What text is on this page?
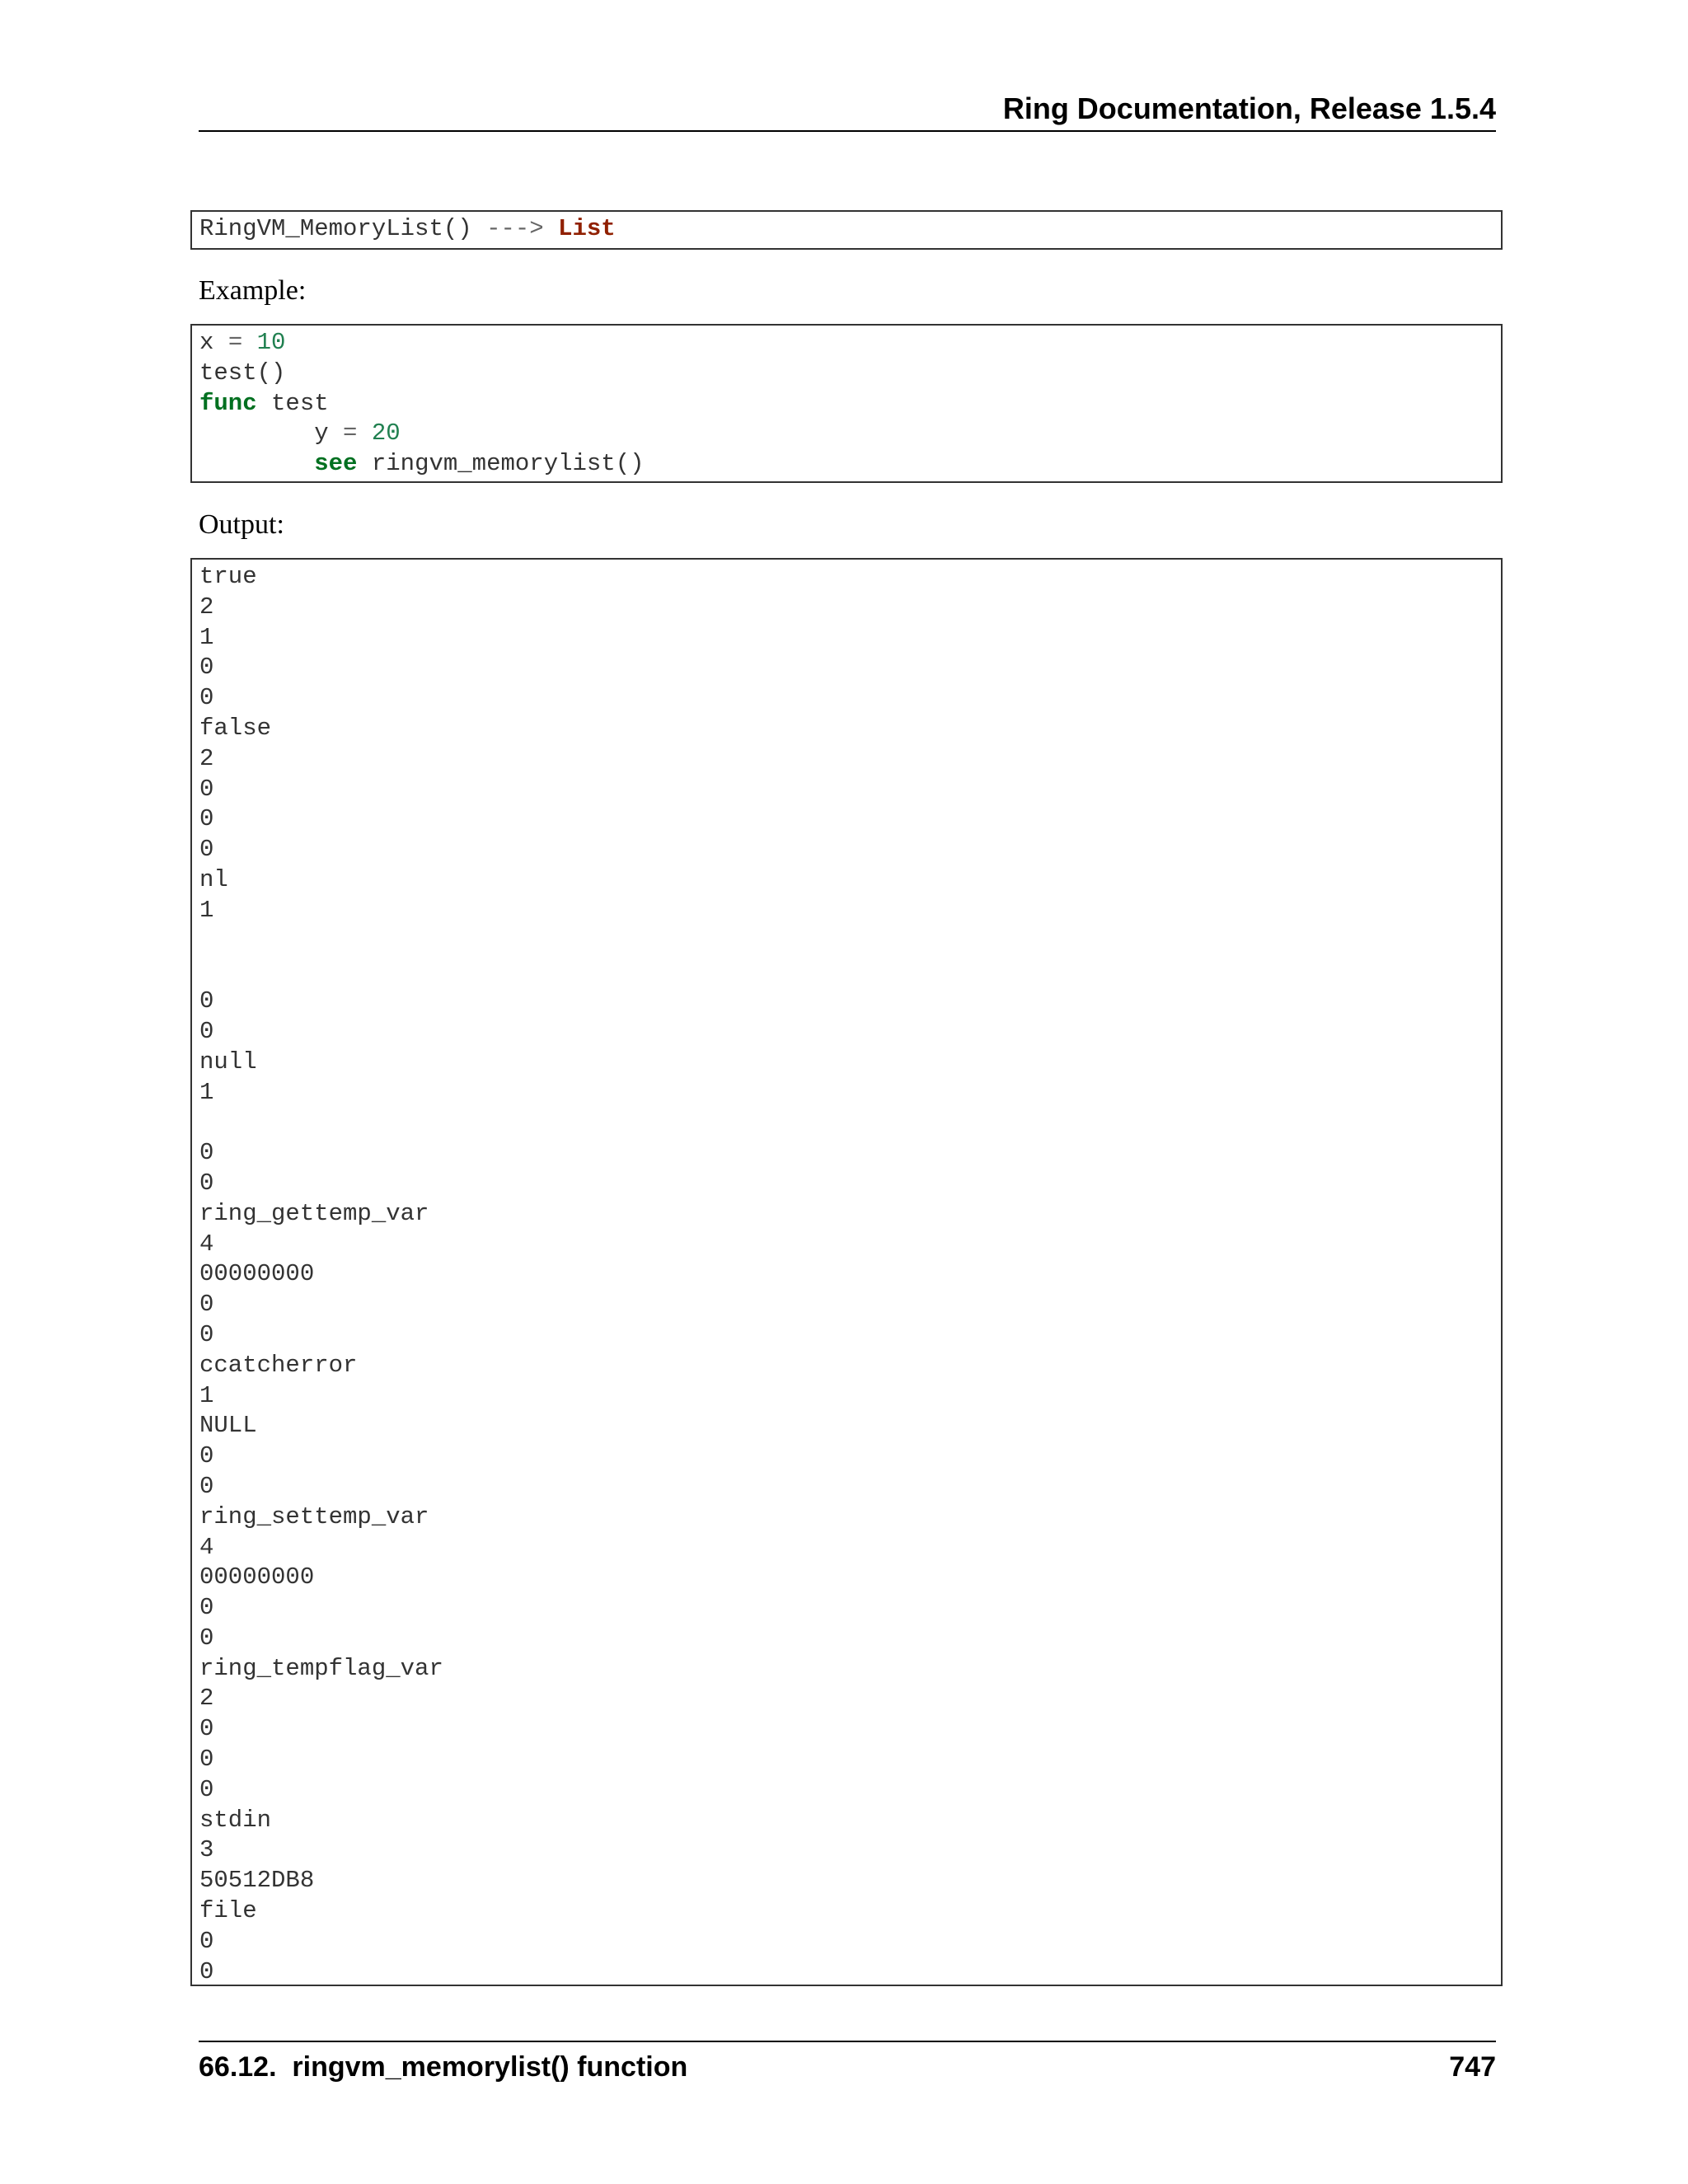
Ring Documentation, Release 1.5.4
RingVM_MemoryList() ---> List

Example:

x = 10
test()
func test
y = 20
see ringvm_memorylist()

Output:

true
2
1
0
0
false
2
0
0
0
nl
1
0
0
null
1
0
0
ring_gettemp_var
4
00000000
0
0
ccatcherror
1
NULL
0
0
ring_settemp_var
4
00000000
0
0
ring_tempflag_var
2
0
0
0
stdin
3
50512DB8
file
0
0

66.12.  ringvm_memorylist() function	747
